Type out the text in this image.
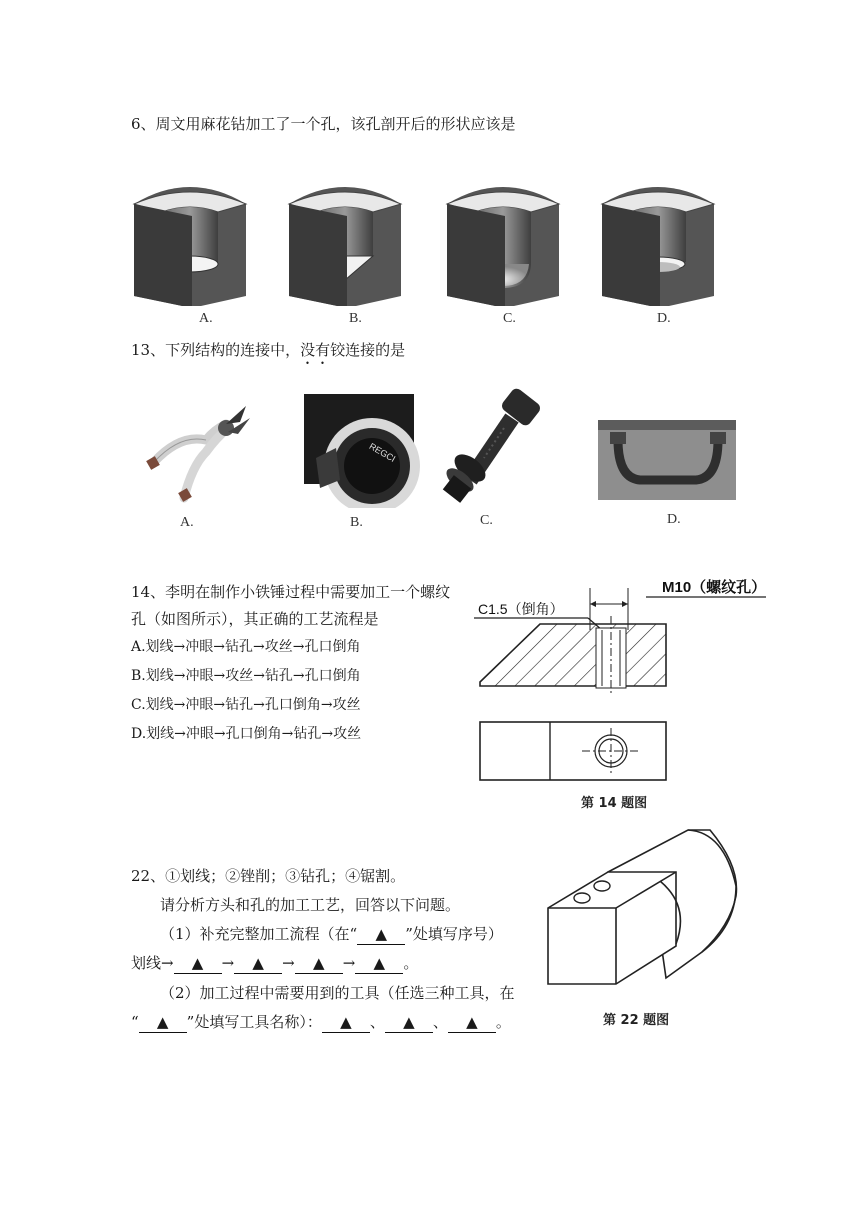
6、周文用麻花钻加工了一个孔，该孔剖开后的形状应该是
A.	B.	C.	D.
13、下列结构的连接中，没有铰连接的是
REGCI
A.	B.	C.	D.
14、李明在制作小铁锤过程中需要加工一个螺纹
孔（如图所示），其正确的工艺流程是
A.划线→冲眼→钻孔→攻丝→孔口倒角
B.划线→冲眼→攻丝→钻孔→孔口倒角
C.划线→冲眼→钻孔→孔口倒角→攻丝
D.划线→冲眼→孔口倒角→钻孔→攻丝
C1.5（倒角）
M10（螺纹孔）
第 14 题图
22、①划线；②锉削；③钻孔；④锯割。
请分析方头和孔的加工工艺，回答以下问题。
（1）补充完整加工流程（在“ ▲ ”处填写序号）
划线→ ▲ → ▲ → ▲ → ▲ 。
（2）加工过程中需要用到的工具（任选三种工具，在
“ ▲ ”处填写工具名称）： ▲ 、 ▲ 、 ▲ 。	第 22 题图
